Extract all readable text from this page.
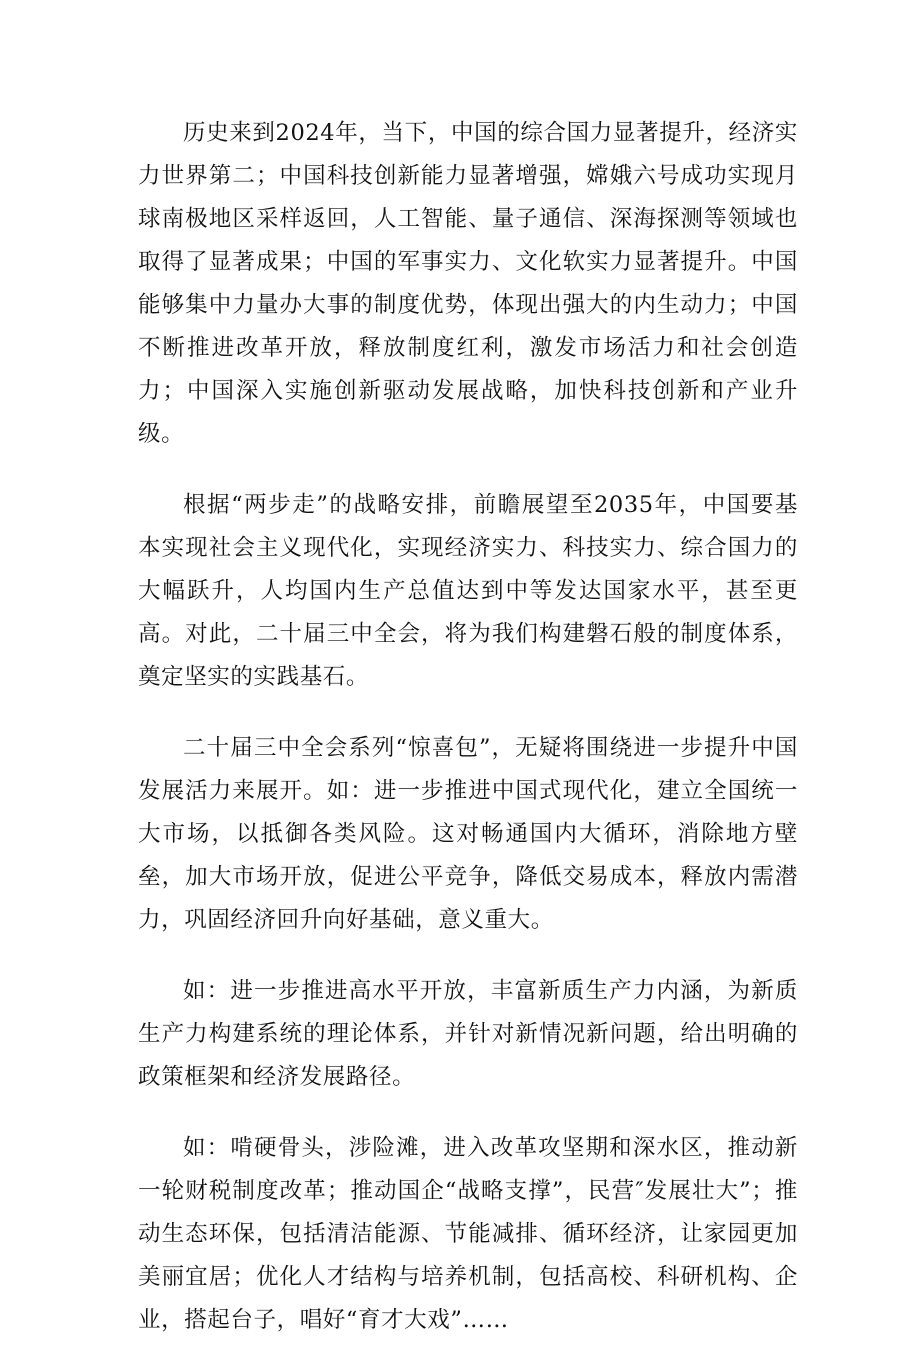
历史来到2024年，当下，中国的综合国力显著提升，经济实力世界第二；中国科技创新能力显著增强，嫦娥六号成功实现月球南极地区采样返回，人工智能、量子通信、深海探测等领域也取得了显著成果；中国的军事实力、文化软实力显著提升。中国能够集中力量办大事的制度优势，体现出强大的内生动力；中国不断推进改革开放，释放制度红利，激发市场活力和社会创造力；中国深入实施创新驱动发展战略，加快科技创新和产业升级。

根据“两步走”的战略安排，前瞻展望至2035年，中国要基本实现社会主义现代化，实现经济实力、科技实力、综合国力的大幅跃升，人均国内生产总值达到中等发达国家水平，甚至更高。对此，二十届三中全会，将为我们构建磐石般的制度体系，奠定坚实的实践基石。

二十届三中全会系列“惊喜包”，无疑将围绕进一步提升中国发展活力来展开。如：进一步推进中国式现代化，建立全国统一大市场，以抵御各类风险。这对畅通国内大循环，消除地方壁垒，加大市场开放，促进公平竞争，降低交易成本，释放内需潜力，巩固经济回升向好基础，意义重大。

如：进一步推进高水平开放，丰富新质生产力内涵，为新质生产力构建系统的理论体系，并针对新情况新问题，给出明确的政策框架和经济发展路径。

如：啃硬骨头，涉险滩，进入改革攻坚期和深水区，推动新一轮财税制度改革；推动国企“战略支撑”，民营″发展壮大”；推动生态环保，包括清洁能源、节能减排、循环经济，让家园更加美丽宜居；优化人才结构与培养机制，包括高校、科研机构、企业，搭起台子，唱好“育才大戏”……
